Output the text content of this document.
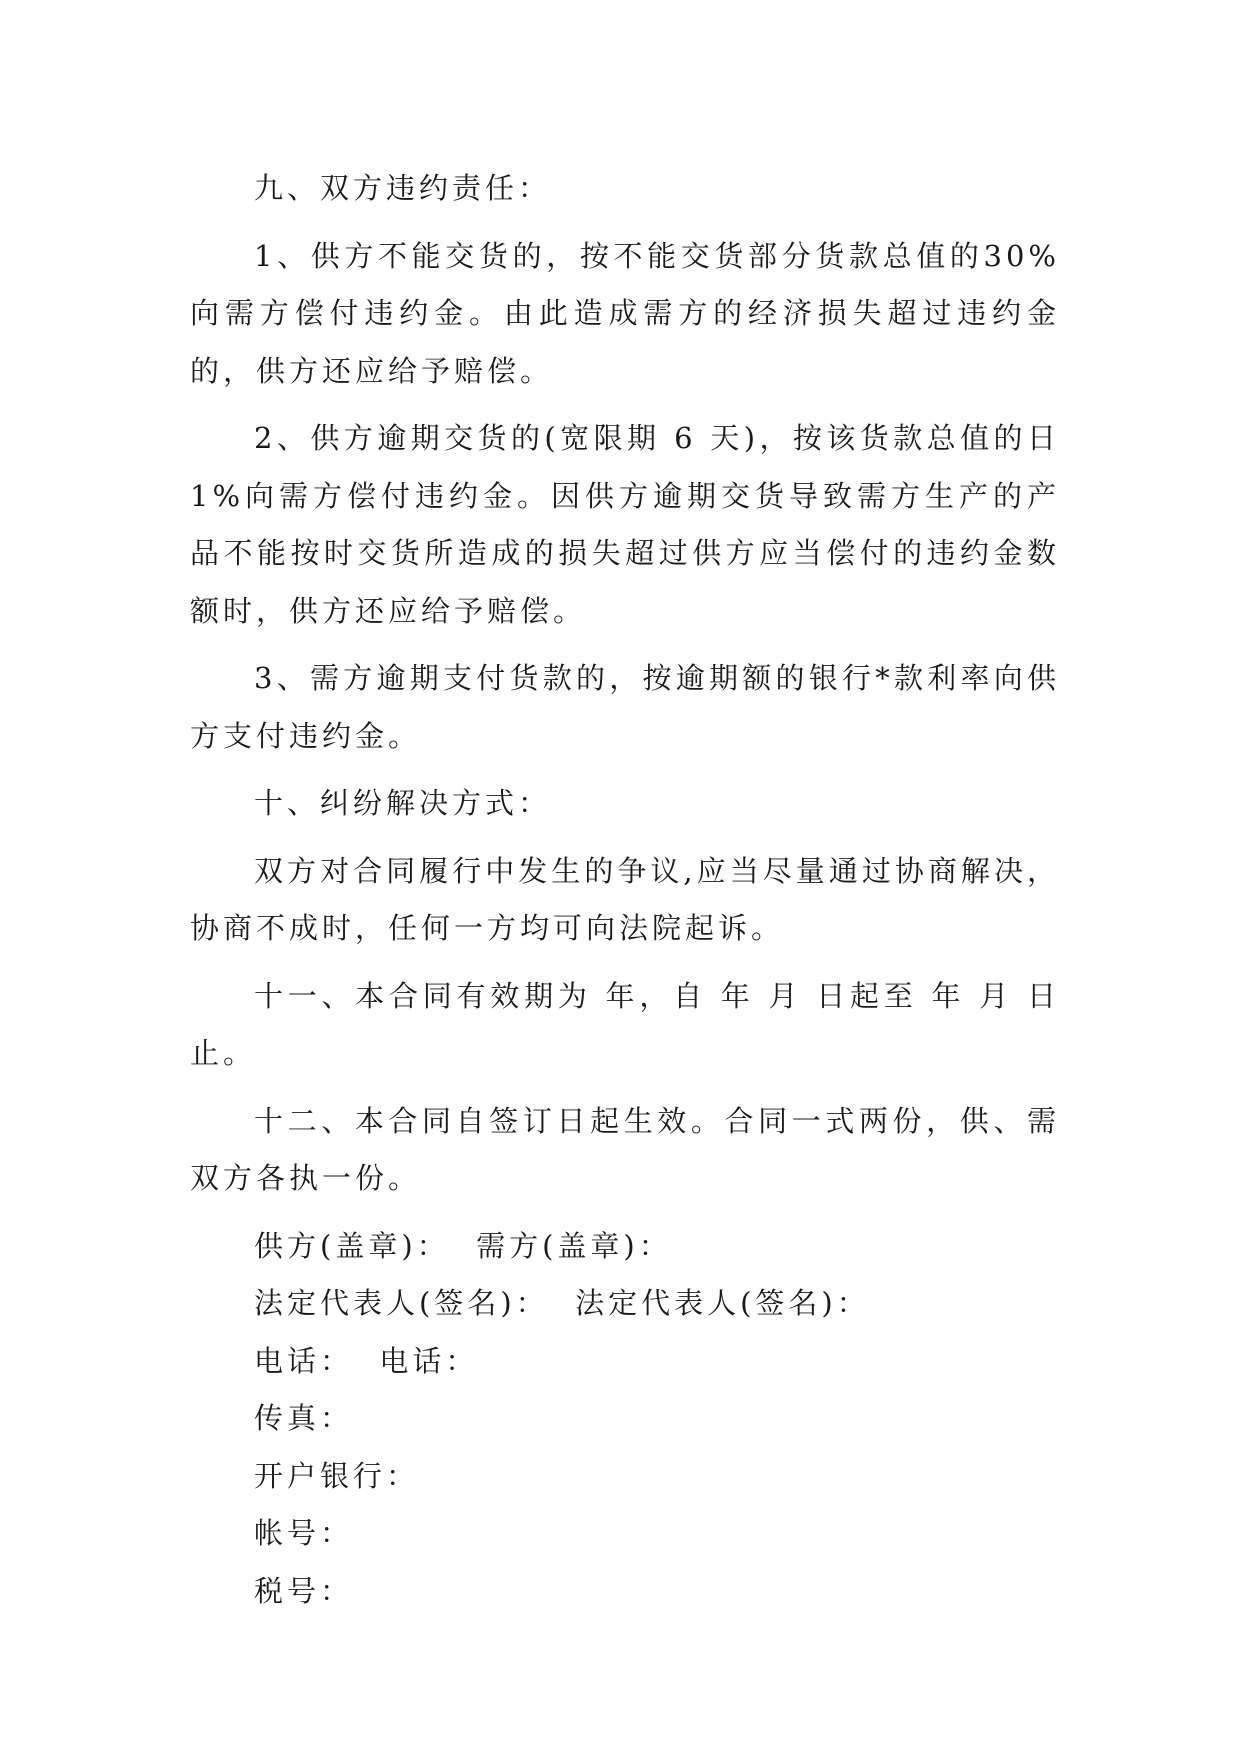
九、双方违约责任：

1、供方不能交货的，按不能交货部分货款总值的30%向需方偿付违约金。由此造成需方的经济损失超过违约金的，供方还应给予赔偿。

2、供方逾期交货的(宽限期 6 天)，按该货款总值的日 1%向需方偿付违约金。因供方逾期交货导致需方生产的产品不能按时交货所造成的损失超过供方应当偿付的违约金数额时，供方还应给予赔偿。

3、需方逾期支付货款的，按逾期额的银行*款利率向供方支付违约金。

十、纠纷解决方式：

双方对合同履行中发生的争议,应当尽量通过协商解决，协商不成时，任何一方均可向法院起诉。

十一、本合同有效期为 年，自 年 月 日起至 年 月 日止。

十二、本合同自签订日起生效。合同一式两份，供、需双方各执一份。

供方(盖章)：  需方(盖章)：

法定代表人(签名)：  法定代表人(签名)：

电话：  电话：

传真：

开户银行：

帐号：

税号：
